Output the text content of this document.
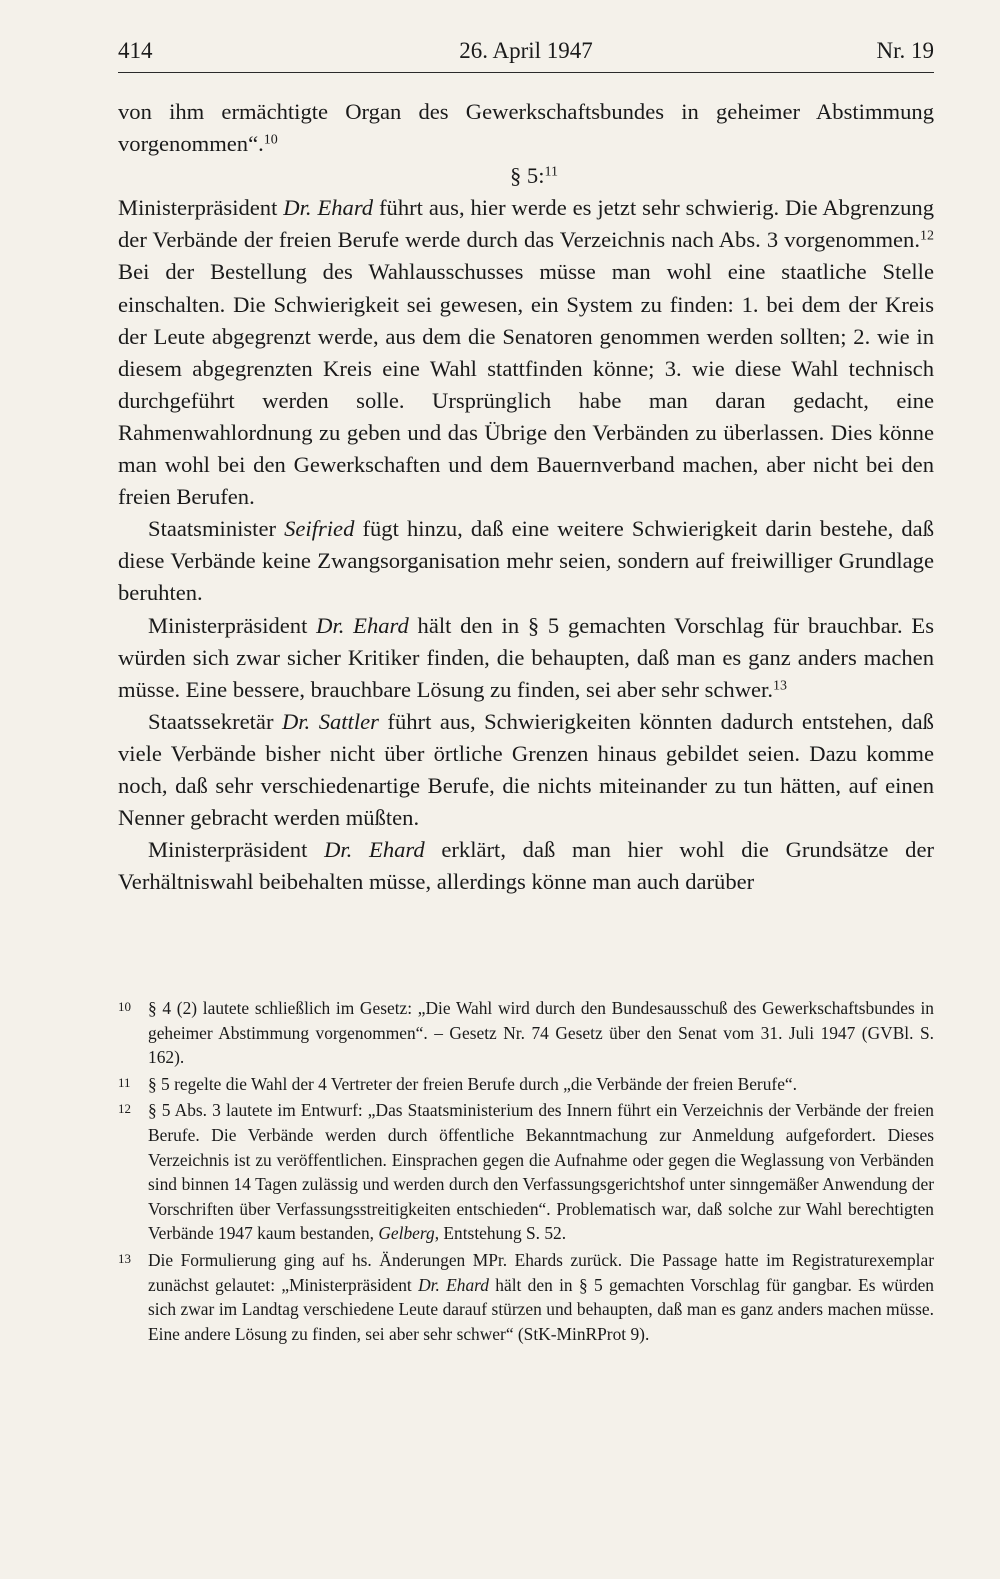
414	26. April 1947	Nr. 19

von ihm ermächtigte Organ des Gewerkschaftsbundes in geheimer Abstimmung vorgenommen“.$^{10}$

§ 5:$^{11}$

Ministerpräsident Dr. Ehard führt aus, hier werde es jetzt sehr schwierig. Die Abgrenzung der Verbände der freien Berufe werde durch das Verzeichnis nach Abs. 3 vorgenommen.$^{12}$ Bei der Bestellung des Wahlausschusses müsse man wohl eine staatliche Stelle einschalten. Die Schwierigkeit sei gewesen, ein System zu finden: 1. bei dem der Kreis der Leute abgegrenzt werde, aus dem die Senatoren genommen werden sollten; 2. wie in diesem abgegrenzten Kreis eine Wahl stattfinden könne; 3. wie diese Wahl technisch durchgeführt werden solle. Ursprünglich habe man daran gedacht, eine Rahmenwahlordnung zu geben und das Übrige den Verbänden zu überlassen. Dies könne man wohl bei den Gewerkschaften und dem Bauernverband machen, aber nicht bei den freien Berufen.

Staatsminister Seifried fügt hinzu, daß eine weitere Schwierigkeit darin bestehe, daß diese Verbände keine Zwangsorganisation mehr seien, sondern auf freiwilliger Grundlage beruhten.

Ministerpräsident Dr. Ehard hält den in § 5 gemachten Vorschlag für brauchbar. Es würden sich zwar sicher Kritiker finden, die behaupten, daß man es ganz anders machen müsse. Eine bessere, brauchbare Lösung zu finden, sei aber sehr schwer.$^{13}$

Staatssekretär Dr. Sattler führt aus, Schwierigkeiten könnten dadurch entstehen, daß viele Verbände bisher nicht über örtliche Grenzen hinaus gebildet seien. Dazu komme noch, daß sehr verschiedenartige Berufe, die nichts miteinander zu tun hätten, auf einen Nenner gebracht werden müßten.

Ministerpräsident Dr. Ehard erklärt, daß man hier wohl die Grundsätze der Verhältniswahl beibehalten müsse, allerdings könne man auch darüber

10 § 4 (2) lautete schließlich im Gesetz: „Die Wahl wird durch den Bundesausschuß des Gewerkschaftsbundes in geheimer Abstimmung vorgenommen“. – Gesetz Nr. 74 Gesetz über den Senat vom 31. Juli 1947 (GVBl. S. 162).
11	§ 5 regelte die Wahl der 4 Vertreter der freien Berufe durch „die Verbände der freien Berufe“.
12 § 5 Abs. 3 lautete im Entwurf: „Das Staatsministerium des Innern führt ein Verzeichnis der Verbände der freien Berufe. Die Verbände werden durch öffentliche Bekanntmachung zur Anmeldung aufgefordert. Dieses Verzeichnis ist zu veröffentlichen. Einsprachen gegen die Aufnahme oder gegen die Weglassung von Verbänden sind binnen 14 Tagen zulässig und werden durch den Verfassungsgerichtshof unter sinngemäßer Anwendung der Vorschriften über Verfassungsstreitigkeiten entschieden“. Problematisch war, daß solche zur Wahl berechtigten Verbände 1947 kaum bestanden, Gelberg, Entstehung S. 52.
13 Die Formulierung ging auf hs. Änderungen MPr. Ehards zurück. Die Passage hatte im Registraturexemplar zunächst gelautet: „Ministerpräsident Dr. Ehard hält den in § 5 gemachten Vorschlag für gangbar. Es würden sich zwar im Landtag verschiedene Leute darauf stürzen und behaupten, daß man es ganz anders machen müsse. Eine andere Lösung zu finden, sei aber sehr schwer“ (StK-MinRProt 9).
